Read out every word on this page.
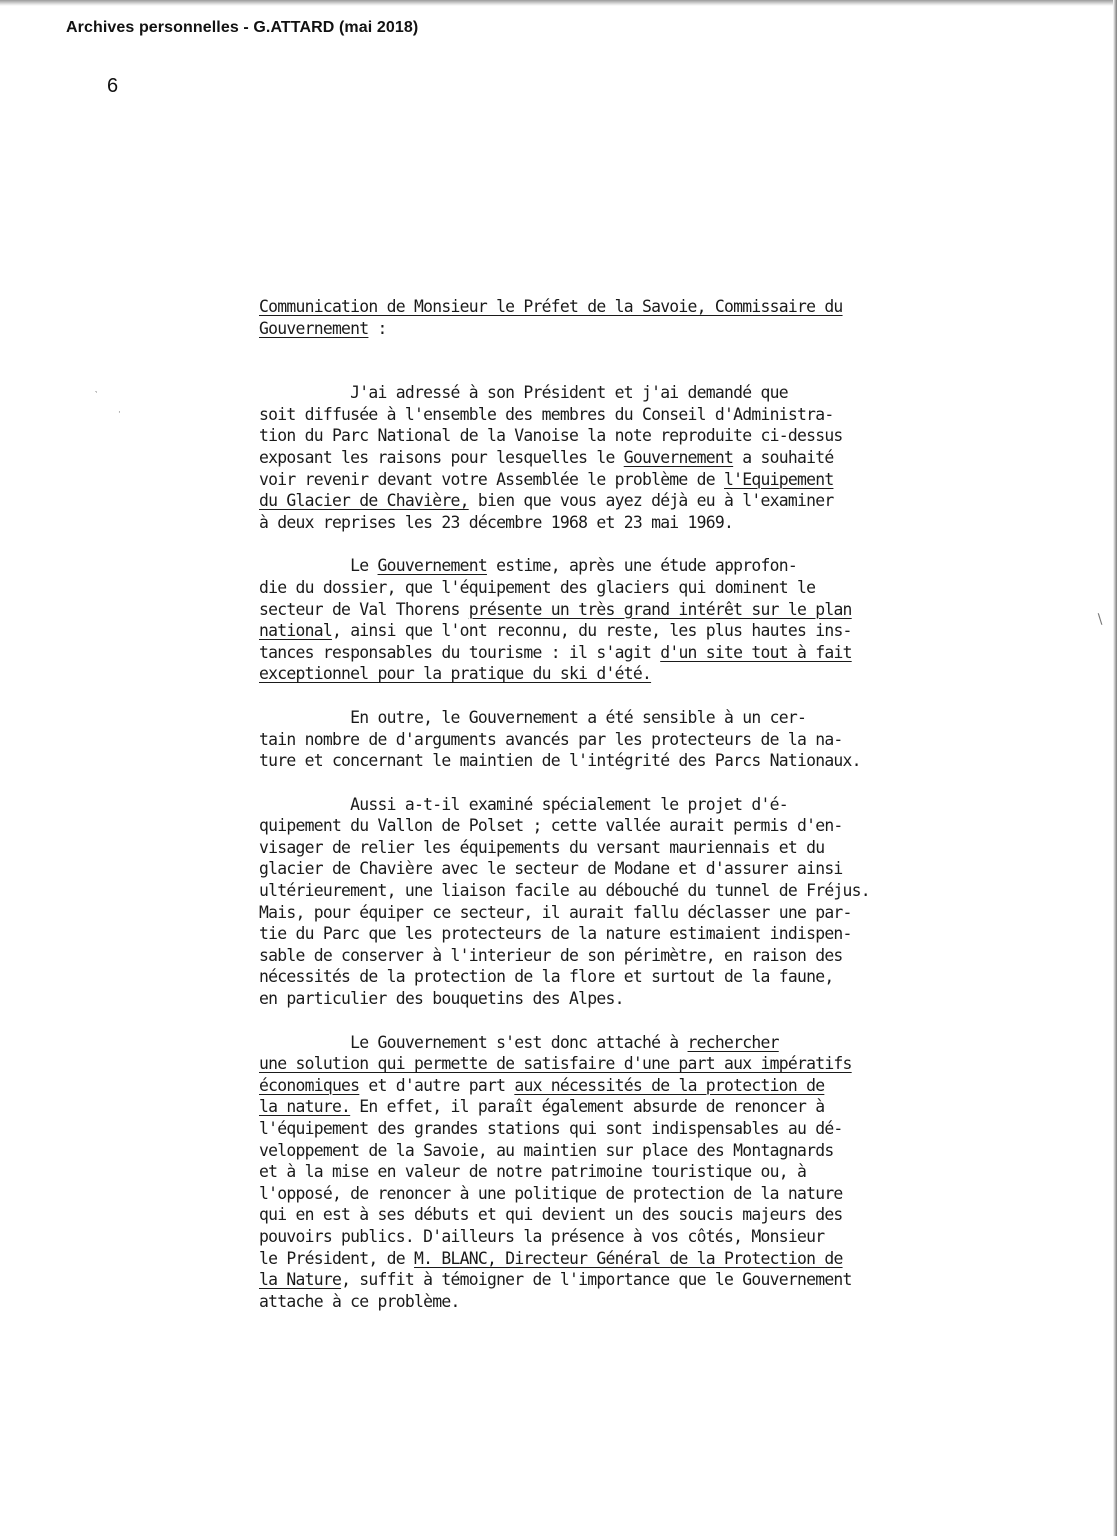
Archives personnelles - G.ATTARD (mai 2018)
6
‵
·
∖
Communication de Monsieur le Préfet de la Savoie, Commissaire du
Gouvernement :
J'ai adressé à son Président et j'ai demandé que
soit diffusée à l'ensemble des membres du Conseil d'Administra-
tion du Parc National de la Vanoise la note reproduite ci-dessus
exposant les raisons pour lesquelles le Gouvernement a souhaité
voir revenir devant votre Assemblée le problème de l'Equipement
du Glacier de Chavière, bien que vous ayez déjà eu à l'examiner
à deux reprises les 23 décembre 1968 et 23 mai 1969.
Le Gouvernement estime, après une étude approfon-
die du dossier, que l'équipement des glaciers qui dominent le
secteur de Val Thorens présente un très grand intérêt sur le plan
national, ainsi que l'ont reconnu, du reste, les plus hautes ins-
tances responsables du tourisme : il s'agit d'un site tout à fait
exceptionnel pour la pratique du ski d'été.
En outre, le Gouvernement a été sensible à un cer-
tain nombre de d'arguments avancés par les protecteurs de la na-
ture et concernant le maintien de l'intégrité des Parcs Nationaux.
Aussi a-t-il examiné spécialement le projet d'é-
quipement du Vallon de Polset ; cette vallée aurait permis d'en-
visager de relier les équipements du versant mauriennais et du
glacier de Chavière avec le secteur de Modane et d'assurer ainsi
ultérieurement, une liaison facile au débouché du tunnel de Fréjus.
Mais, pour équiper ce secteur, il aurait fallu déclasser une par-
tie du Parc que les protecteurs de la nature estimaient indispen-
sable de conserver à l'interieur de son périmètre, en raison des
nécessités de la protection de la flore et surtout de la faune,
en particulier des bouquetins des Alpes.
Le Gouvernement s'est donc attaché à rechercher
une solution qui permette de satisfaire d'une part aux impératifs
économiques et d'autre part aux nécessités de la protection de
la nature. En effet, il paraît également absurde de renoncer à
l'équipement des grandes stations qui sont indispensables au dé-
veloppement de la Savoie, au maintien sur place des Montagnards
et à la mise en valeur de notre patrimoine touristique ou, à
l'opposé, de renoncer à une politique de protection de la nature
qui en est à ses débuts et qui devient un des soucis majeurs des
pouvoirs publics. D'ailleurs la présence à vos côtés, Monsieur
le Président, de M. BLANC, Directeur Général de la Protection de
la Nature, suffit à témoigner de l'importance que le Gouvernement
attache à ce problème.
